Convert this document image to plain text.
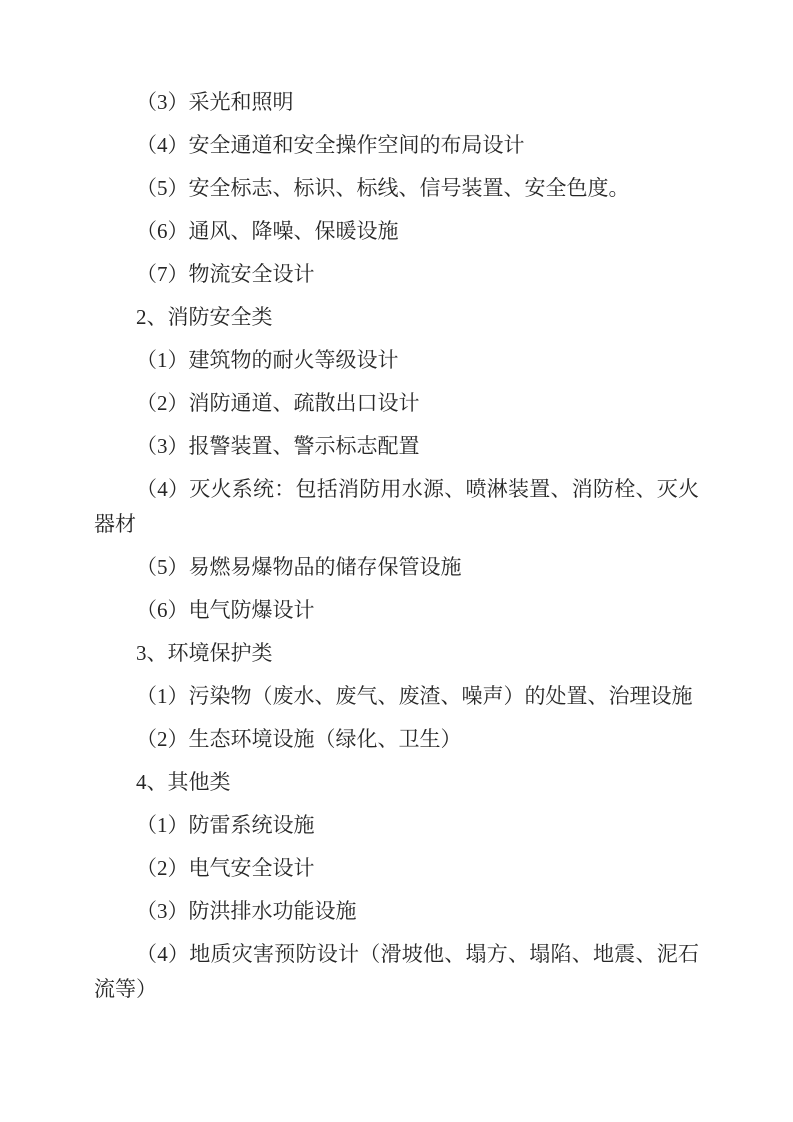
（3）采光和照明

（4）安全通道和安全操作空间的布局设计

（5）安全标志、标识、标线、信号装置、安全色度。

（6）通风、降噪、保暖设施

（7）物流安全设计

2、消防安全类

（1）建筑物的耐火等级设计

（2）消防通道、疏散出口设计

（3）报警装置、警示标志配置

（4）灭火系统：包括消防用水源、喷淋装置、消防栓、灭火器材

（5）易燃易爆物品的储存保管设施

（6）电气防爆设计

3、环境保护类

（1）污染物（废水、废气、废渣、噪声）的处置、治理设施

（2）生态环境设施（绿化、卫生）

4、其他类

（1）防雷系统设施

（2）电气安全设计

（3）防洪排水功能设施

（4）地质灾害预防设计（滑坡他、塌方、塌陷、地震、泥石流等）
